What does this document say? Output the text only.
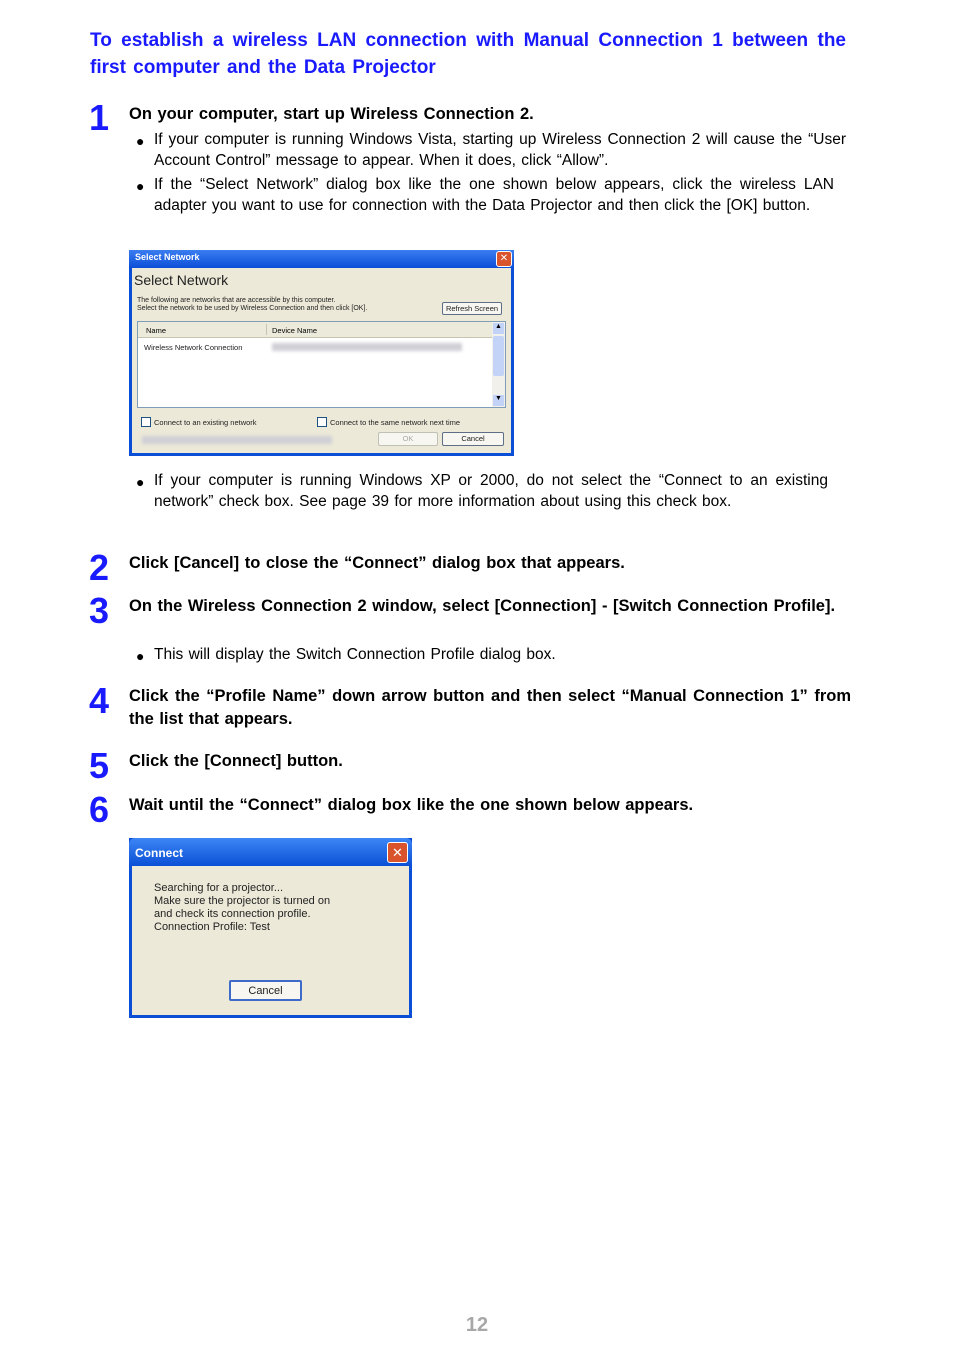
To establish a wireless LAN connection with Manual Connection 1 between the first computer and the Data Projector
1 On your computer, start up Wireless Connection 2.
● If your computer is running Windows Vista, starting up Wireless Connection 2 will cause the “User Account Control” message to appear. When it does, click “Allow”.
● If the “Select Network” dialog box like the one shown below appears, click the wireless LAN adapter you want to use for connection with the Data Projector and then click the [OK] button.
Select Network	✕
Select Network
The following are networks that are accessible by this computer.
Select the network to be used by Wireless Connection and then click [OK].	Refresh Screen
Name	Device Name
Wireless Network Connection
▲
▼
Connect to an existing network	Connect to the same network next time
OK	Cancel
● If your computer is running Windows XP or 2000, do not select the “Connect to an existing network” check box. See page 39 for more information about using this check box.
2 Click [Cancel] to close the “Connect” dialog box that appears.
3 On the Wireless Connection 2 window, select [Connection] - [Switch Connection Profile].
● This will display the Switch Connection Profile dialog box.
4 Click the “Profile Name” down arrow button and then select “Manual Connection 1” from the list that appears.
5 Click the [Connect] button.
6 Wait until the “Connect” dialog box like the one shown below appears.
Connect	✕
Searching for a projector...
Make sure the projector is turned on
and check its connection profile.
Connection Profile: Test
Cancel
12
